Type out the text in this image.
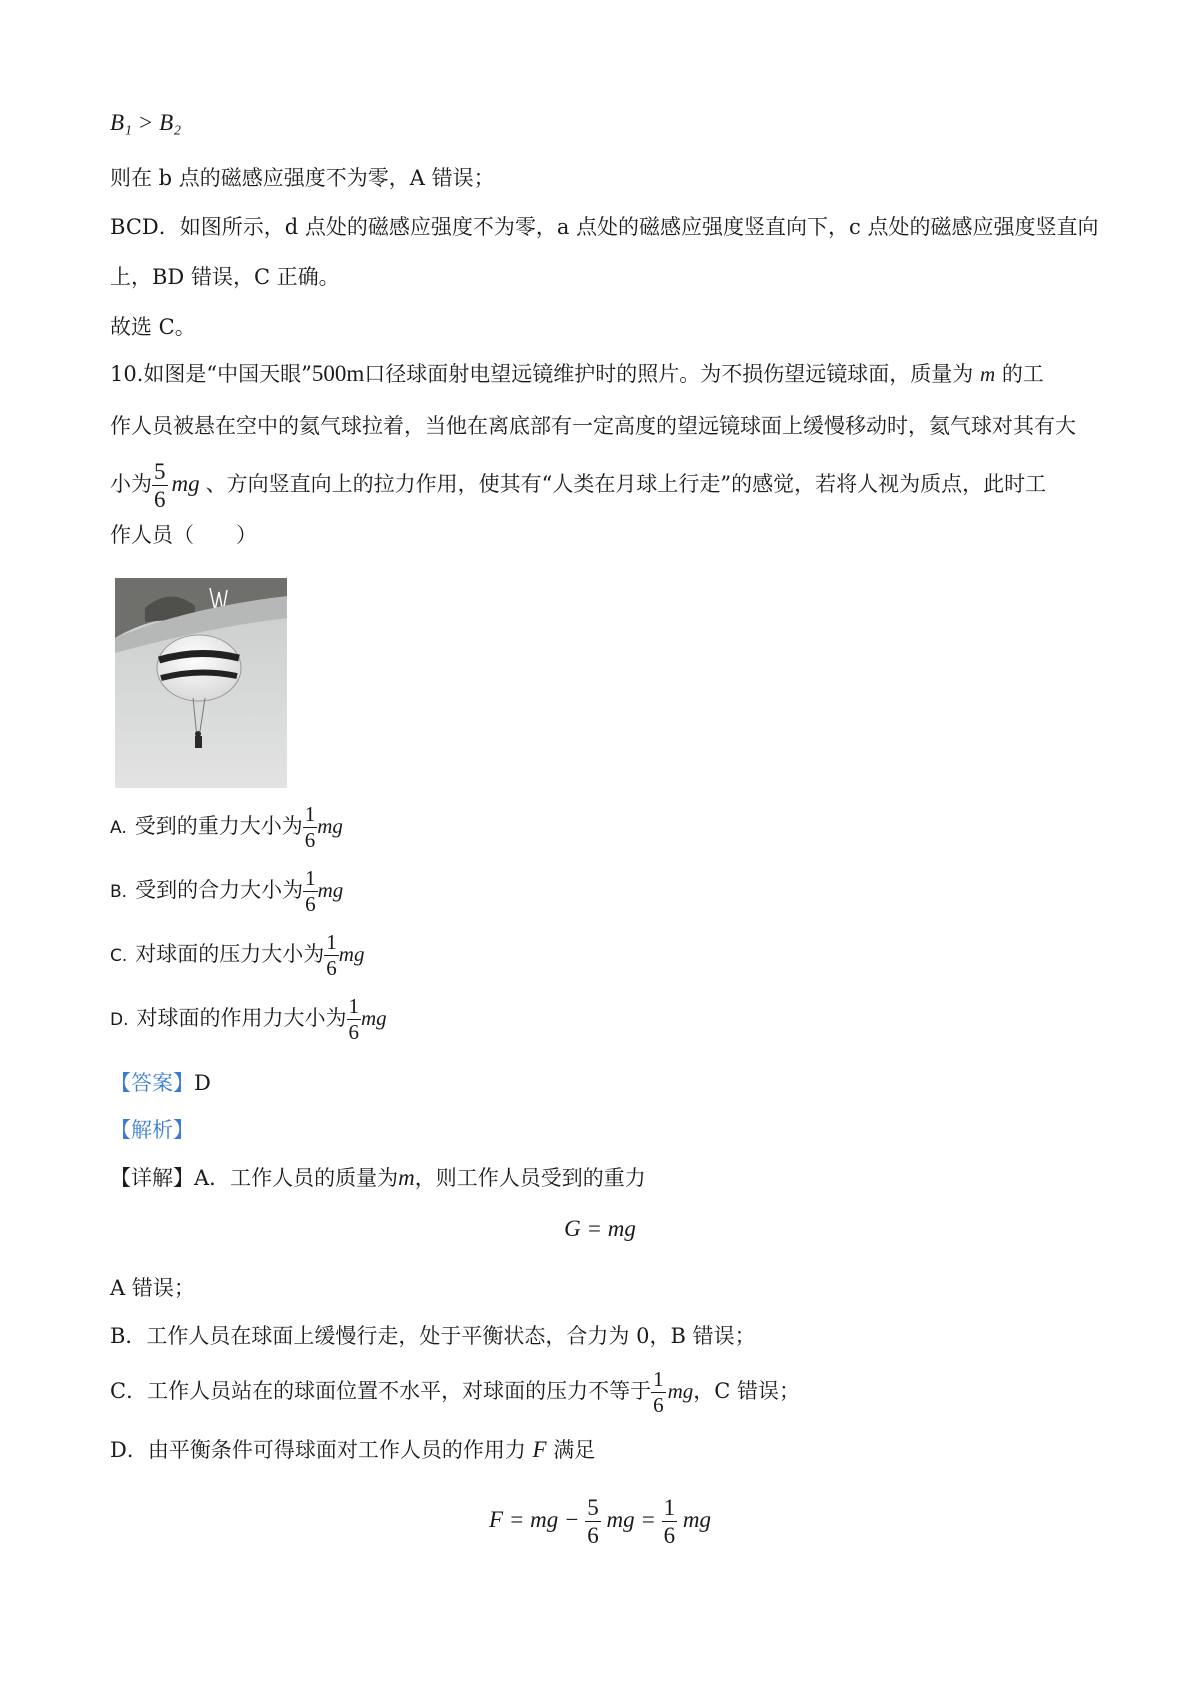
B₁ > B₂
则在 b 点的磁感应强度不为零，A 错误；
BCD．如图所示，d 点处的磁感应强度不为零，a 点处的磁感应强度竖直向下，c 点处的磁感应强度竖直向
上，BD 错误，C 正确。
故选 C。
10.如图是“中国天眼”500m口径球面射电望远镜维护时的照片。为不损伤望远镜球面，质量为 m 的工
作人员被悬在空中的氦气球拉着，当他在离底部有一定高度的望远镜球面上缓慢移动时，氦气球对其有大
小为 $\frac{5}{6}$ mg 、方向竖直向上的拉力作用，使其有“人类在月球上行走”的感觉，若将人视为质点，此时工
作人员（　　）
A. 受到的重力大小为 $\frac{1}{6}$ mg
B. 受到的合力大小为 $\frac{1}{6}$ mg
C. 对球面的压力大小为 $\frac{1}{6}$ mg
D. 对球面的作用力大小为 $\frac{1}{6}$ mg
【答案】D
【解析】
【详解】A．工作人员的质量为m，则工作人员受到的重力
G = mg
A 错误；
B．工作人员在球面上缓慢行走，处于平衡状态，合力为 0，B 错误；
C．工作人员站在的球面位置不水平，对球面的压力不等于 $\frac{1}{6}$ mg，C 错误；
D．由平衡条件可得球面对工作人员的作用力 F 满足
F = mg − $\frac{5}{6}$ mg = $\frac{1}{6}$ mg
